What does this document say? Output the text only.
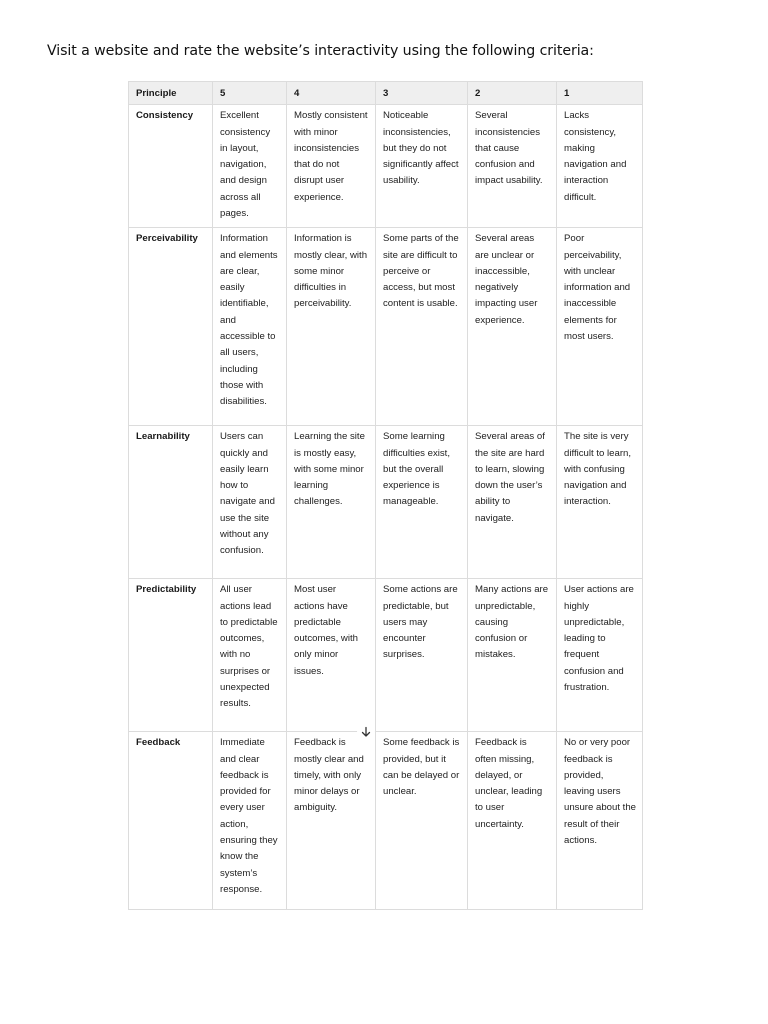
Visit a website and rate the website’s interactivity using the following criteria:
Principle	5	4	3	2	1
Consistency	Excellent consistency in layout, navigation, and design across all pages.	Mostly consistent with minor inconsistencies that do not disrupt user experience.	Noticeable inconsistencies, but they do not significantly affect usability.	Several inconsistencies that cause confusion and impact usability.	Lacks consistency, making navigation and interaction difficult.
Perceivability	Information and elements are clear, easily identifiable, and accessible to all users, including those with disabilities.	Information is mostly clear, with some minor difficulties in perceivability.	Some parts of the site are difficult to perceive or access, but most content is usable.	Several areas are unclear or inaccessible, negatively impacting user experience.	Poor perceivability, with unclear information and inaccessible elements for most users.
Learnability	Users can quickly and easily learn how to navigate and use the site without any confusion.	Learning the site is mostly easy, with some minor learning challenges.	Some learning difficulties exist, but the overall experience is manageable.	Several areas of the site are hard to learn, slowing down the user’s ability to navigate.	The site is very difficult to learn, with confusing navigation and interaction.
Predictability	All user actions lead to predictable outcomes, with no surprises or unexpected results.	Most user actions have predictable outcomes, with only minor issues.	Some actions are predictable, but users may encounter surprises.	Many actions are unpredictable, causing confusion or mistakes.	User actions are highly unpredictable, leading to frequent confusion and frustration.
Feedback	Immediate and clear feedback is provided for every user action, ensuring they know the system’s response.	Feedback is mostly clear and timely, with only minor delays or ambiguity.	Some feedback is provided, but it can be delayed or unclear.	Feedback is often missing, delayed, or unclear, leading to user uncertainty.	No or very poor feedback is provided, leaving users unsure about the result of their actions.
